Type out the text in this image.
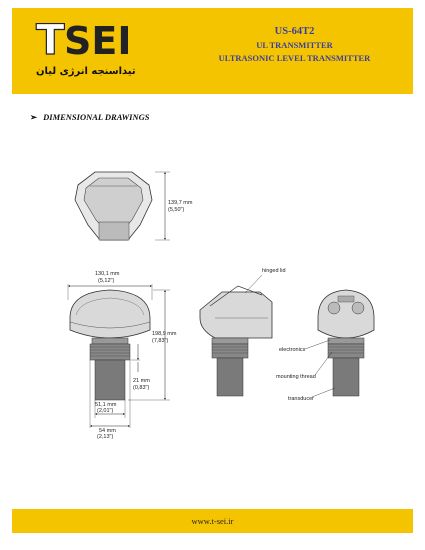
T SEI
تیداسنجه انرژی لیان
US-64T2
UL TRANSMITTER
ULTRASONIC LEVEL TRANSMITTER
➢ DIMENSIONAL DRAWINGS
139,7 mm
(5,50")
130,1 mm
(5,12")
198,9 mm
(7,83")
21 mm
(0,83")
51,1 mm
(2,01")
54 mm
(2,13")
hinged lid
electronics
mounting thread
transducer
www.t-sei.ir
